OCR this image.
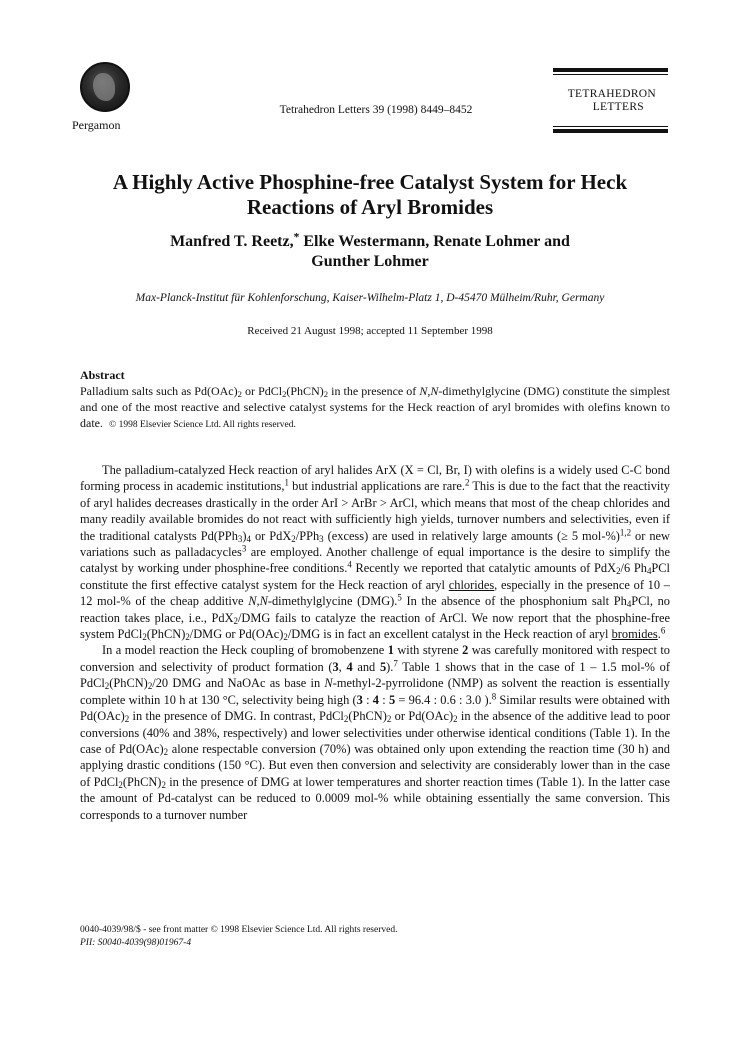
Pergamon
Tetrahedron Letters 39 (1998) 8449–8452
TETRAHEDRON
LETTERS
A Highly Active Phosphine-free Catalyst System for Heck
Reactions of Aryl Bromides
Manfred T. Reetz,* Elke Westermann, Renate Lohmer and
Gunther Lohmer
Max-Planck-Institut für Kohlenforschung, Kaiser-Wilhelm-Platz 1, D-45470 Mülheim/Ruhr, Germany
Received 21 August 1998; accepted 11 September 1998
Abstract
Palladium salts such as $Pd(OAc)_2$ or $PdCl_2(PhCN)_2$ in the presence of N,N-dimethylglycine (DMG) constitute the simplest and one of the most reactive and selective catalyst systems for the Heck reaction of aryl bromides with olefins known to date.  © 1998 Elsevier Science Ltd. All rights reserved.

The palladium-catalyzed Heck reaction of aryl halides ArX (X = Cl, Br, I) with olefins is a widely used C-C bond forming process in academic institutions,$^1$ but industrial applications are rare.$^2$ This is due to the fact that the reactivity of aryl halides decreases drastically in the order ArI > ArBr > ArCl, which means that most of the cheap chlorides and many readily available bromides do not react with sufficiently high yields, turnover numbers and selectivities, even if the traditional catalysts $Pd(PPh_3)_4$ or PdX$_2$/PPh$_3$ (excess) are used in relatively large amounts (≥ 5 mol-%)$^{1,2}$ or new variations such as palladacycles$^3$ are employed. Another challenge of equal importance is the desire to simplify the catalyst by working under phosphine-free conditions.$^4$ Recently we reported that catalytic amounts of PdX$_2$/6 $Ph_4PCl$ constitute the first effective catalyst system for the Heck reaction of aryl chlorides, especially in the presence of 10 – 12 mol-% of the cheap additive N,N-dimethylglycine (DMG).$^5$ In the absence of the phosphonium salt $Ph_4PCl$, no reaction takes place, i.e., PdX$_2$/DMG fails to catalyze the reaction of ArCl. We now report that the phosphine-free system $PdCl_2(PhCN)_2$/DMG or $Pd(OAc)_2$/DMG is in fact an excellent catalyst in the Heck reaction of aryl bromides.$^6$

In a model reaction the Heck coupling of bromobenzene 1 with styrene 2 was carefully monitored with respect to conversion and selectivity of product formation (3, 4 and 5).$^7$ Table 1 shows that in the case of 1 – 1.5 mol-% of $PdCl_2(PhCN)_2/20$ DMG and NaOAc as base in N-methyl-2-pyrrolidone (NMP) as solvent the reaction is essentially complete within 10 h at 130 °C, selectivity being high (3 : 4 : 5 = 96.4 : 0.6 : 3.0 ).$^8$ Similar results were obtained with $Pd(OAc)_2$ in the presence of DMG. In contrast, $PdCl_2(PhCN)_2$ or $Pd(OAc)_2$ in the absence of the additive lead to poor conversions (40% and 38%, respectively) and lower selectivities under otherwise identical conditions (Table 1). In the case of $Pd(OAc)_2$ alone respectable conversion (70%) was obtained only upon extending the reaction time (30 h) and applying drastic conditions (150 °C). But even then conversion and selectivity are considerably lower than in the case of $PdCl_2(PhCN)_2$ in the presence of DMG at lower temperatures and shorter reaction times (Table 1). In the latter case the amount of Pd-catalyst can be reduced to 0.0009 mol-% while obtaining essentially the same conversion. This corresponds to a turnover number

0040-4039/98/$ - see front matter © 1998 Elsevier Science Ltd. All rights reserved.
PII: S0040-4039(98)01967-4
